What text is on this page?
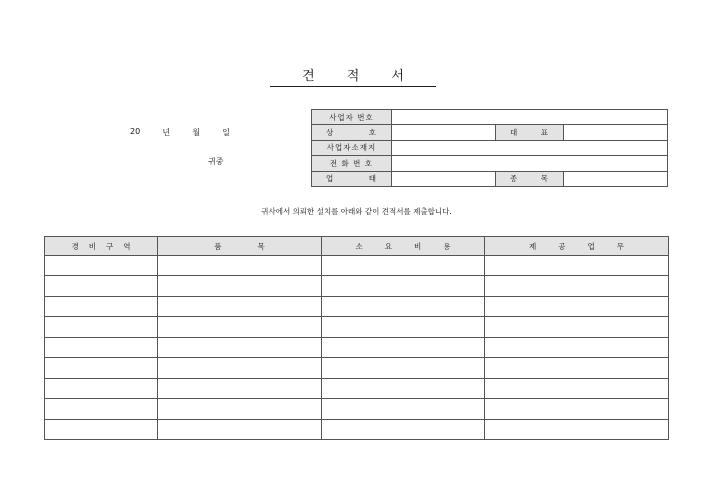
견 적 서
20	년	월	일
귀중
사업자 번호			

상 호		대 표	

사업자소재지			
전 화 번 호			

업 태		종 목	

귀사에서 의뢰한 설치를 아래와 같이 견적서를 제출합니다.
경 비 구 역	품 목	소 요 비 용	제 공 업 무
